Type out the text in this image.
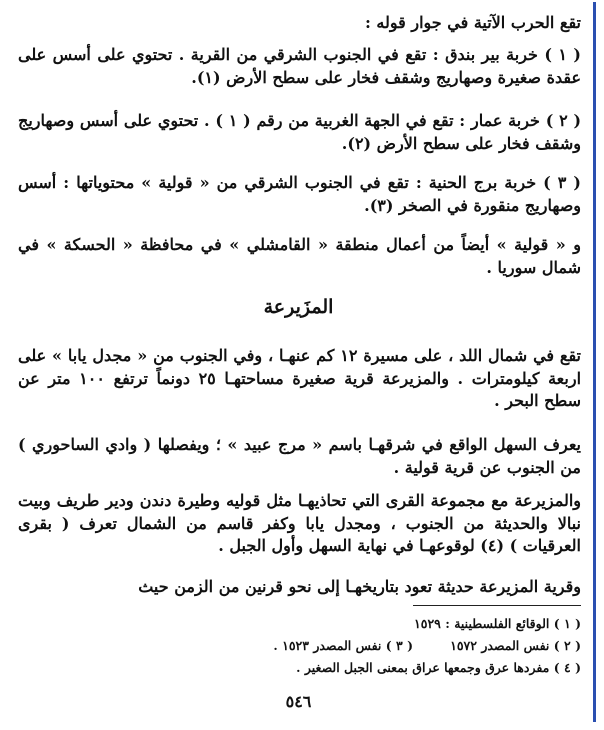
تقع الحرب الآتية في جوار قوله :
( ١ ) خربة بير بندق : تقع في الجنوب الشرقي من القرية . تحتوي على أسس على عقدة صغيرة وصهاريج وشقف فخار على سطح الأرض (١).
( ٢ ) خربة عمار : تقع في الجهة الغربية من رقم ( ١ ) . تحتوي على أسس وصهاريج وشقف فخار على سطح الأرض (٢).
( ٣ ) خربة برج الحنية : تقع في الجنوب الشرقي من « قولية » محتوياتها : أسس وصهاريج منقورة في الصخر (٣).
و « قولية » أيضاً من أعمال منطقة « القامشلي » في محافظة « الحسكة » في شمال سوريا .
المزَيرعة
تقع في شمال اللد ، على مسيرة ١٢ كم عنهـا ، وفي الجنوب من « مجدل يابا » على اربعة كيلومترات . والمزيرعة قرية صغيرة مساحتهـا ٢٥ دونماً ترتفع ١٠٠ متر عن سطح البحر .
يعرف السهل الواقع في شرقهـا باسم « مرج عبيد » ؛ ويفصلها ( وادي الساحوري ) من الجنوب عن قرية قولية .
والمزيرعة مع مجموعة القرى التي تحاذيهـا مثل قوليه وطيرة دندن ودير طريف وبيت نبالا والحديثة من الجنوب ، ومجدل يابا وكفر قاسم من الشمال تعرف ( بقرى العرقيات ) (٤) لوقوعهـا في نهاية السهل وأول الجبل .
وقرية المزيرعة حديثة تعود بتاريخهـا إلى نحو قرنين من الزمن حيث
( ١ ) الوقائع الفلسطينية : ١٥٢٩
( ٢ ) نفس المصدر ١٥٧٢
( ٣ ) نفس المصدر ١٥٢٣ .
( ٤ ) مفردها عرق وجمعها عراق بمعنى الجبل الصغير .
٥٤٦
